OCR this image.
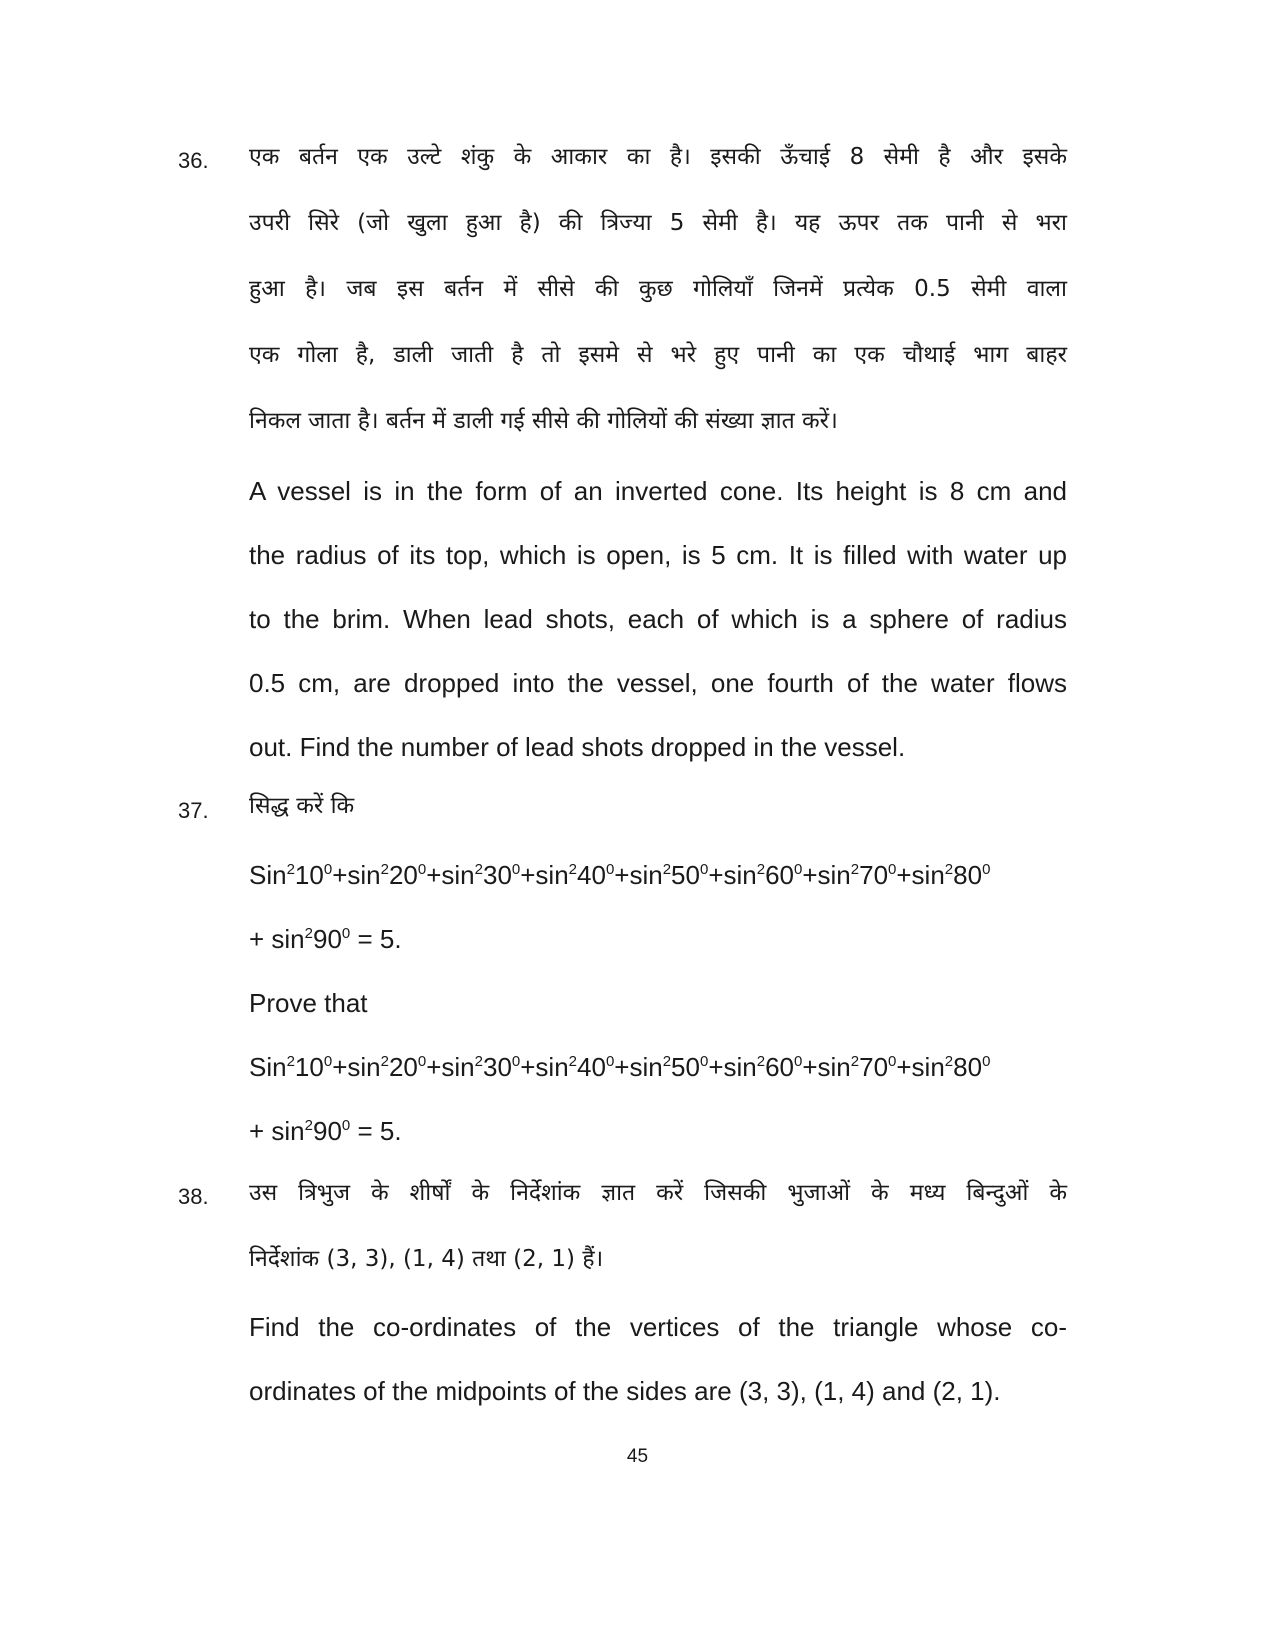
36. एक बर्तन एक उल्टे शंकु के आकार का है। इसकी ऊँचाई 8 सेमी है और इसके
उपरी सिरे (जो खुला हुआ है) की त्रिज्या 5 सेमी है। यह ऊपर तक पानी से भरा
हुआ है। जब इस बर्तन में सीसे की कुछ गोलियाँ जिनमें प्रत्येक 0.5 सेमी वाला
एक गोला है, डाली जाती है तो इसमे से भरे हुए पानी का एक चौथाई भाग बाहर
निकल जाता है। बर्तन में डाली गई सीसे की गोलियों की संख्या ज्ञात करें।
A vessel is in the form of an inverted cone. Its height is 8 cm and
the radius of its top, which is open, is 5 cm. It is filled with water up
to the brim. When lead shots, each of which is a sphere of radius
0.5 cm, are dropped into the vessel, one fourth of the water flows
out. Find the number of lead shots dropped in the vessel.
37. सिद्ध करें कि
$Sin^210^0+\sin^220^0+\sin^230^0+\sin^240^0+\sin^250^0+\sin^260^0+\sin^270^0+\sin^280^0$
+ $\sin^290^0 = 5$.
Prove that
$Sin^210^0+\sin^220^0+\sin^230^0+\sin^240^0+\sin^250^0+\sin^260^0+\sin^270^0+\sin^280^0$
+ $\sin^290^0 = 5$.
38. उस त्रिभुज के शीर्षों के निर्देशांक ज्ञात करें जिसकी भुजाओं के मध्य बिन्दुओं के
निर्देशांक (3, 3), (1, 4) तथा (2, 1) हैं।
Find the co-ordinates of the vertices of the triangle whose co-
ordinates of the midpoints of the sides are (3, 3), (1, 4) and (2, 1).
45
